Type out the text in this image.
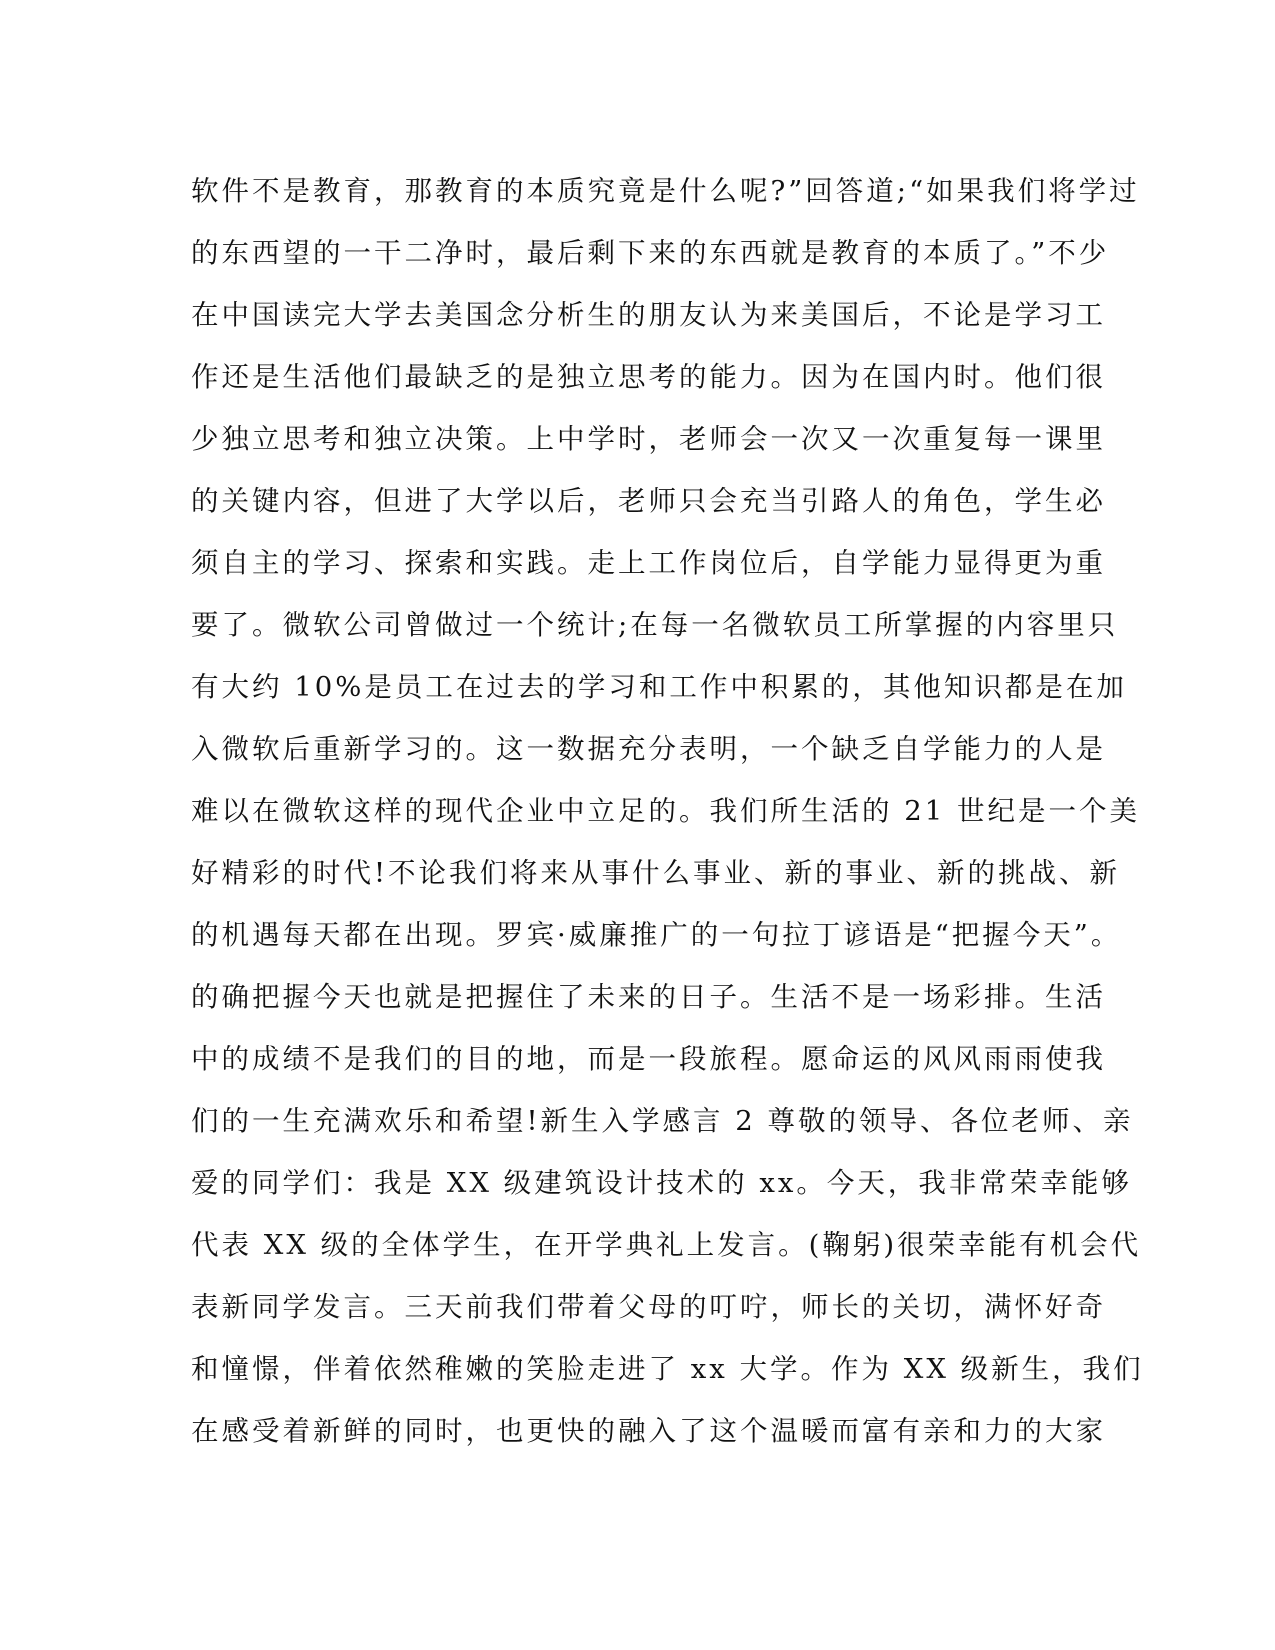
软件不是教育，那教育的本质究竟是什么呢?”回答道;“如果我们将学过
的东西望的一干二净时，最后剩下来的东西就是教育的本质了。”不少
在中国读完大学去美国念分析生的朋友认为来美国后，不论是学习工
作还是生活他们最缺乏的是独立思考的能力。因为在国内时。他们很
少独立思考和独立决策。上中学时，老师会一次又一次重复每一课里
的关键内容，但进了大学以后，老师只会充当引路人的角色，学生必
须自主的学习、探索和实践。走上工作岗位后，自学能力显得更为重
要了。微软公司曾做过一个统计;在每一名微软员工所掌握的内容里只
有大约 10%是员工在过去的学习和工作中积累的，其他知识都是在加
入微软后重新学习的。这一数据充分表明，一个缺乏自学能力的人是
难以在微软这样的现代企业中立足的。我们所生活的 21 世纪是一个美
好精彩的时代!不论我们将来从事什么事业、新的事业、新的挑战、新
的机遇每天都在出现。罗宾·威廉推广的一句拉丁谚语是“把握今天”。
的确把握今天也就是把握住了未来的日子。生活不是一场彩排。生活
中的成绩不是我们的目的地，而是一段旅程。愿命运的风风雨雨使我
们的一生充满欢乐和希望!新生入学感言 2 尊敬的领导、各位老师、亲
爱的同学们：我是 XX 级建筑设计技术的 xx。今天，我非常荣幸能够
代表 XX 级的全体学生，在开学典礼上发言。(鞠躬)很荣幸能有机会代
表新同学发言。三天前我们带着父母的叮咛，师长的关切，满怀好奇
和憧憬，伴着依然稚嫩的笑脸走进了 xx 大学。作为 XX 级新生，我们
在感受着新鲜的同时，也更快的融入了这个温暖而富有亲和力的大家
